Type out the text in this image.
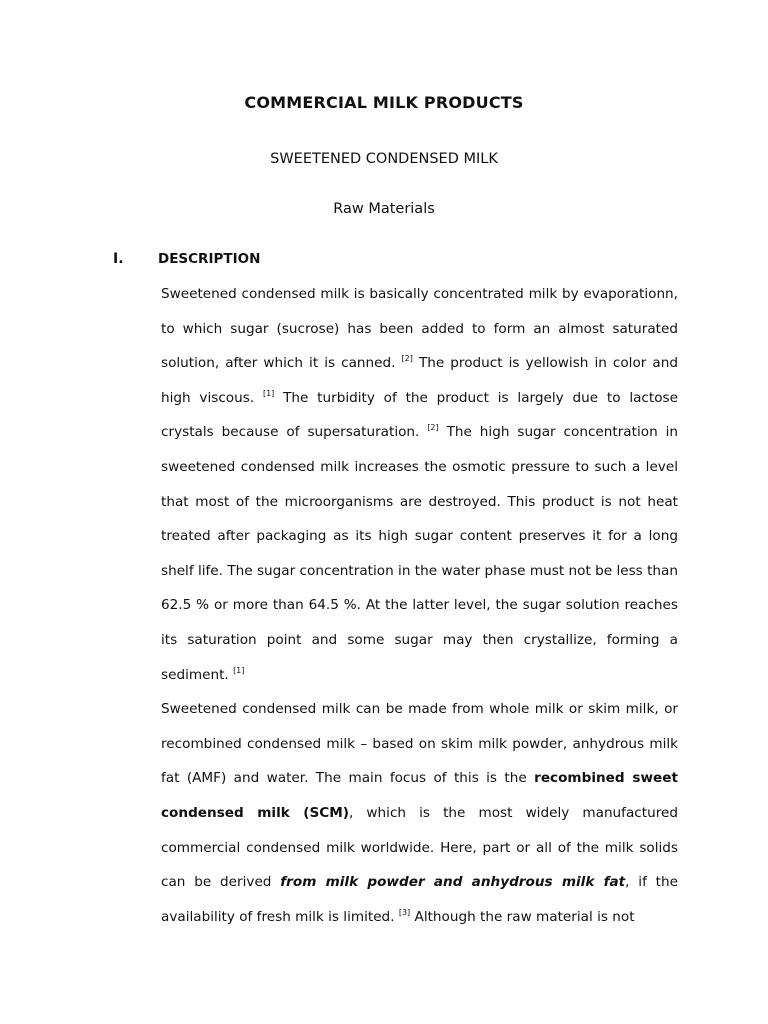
COMMERCIAL MILK PRODUCTS
SWEETENED CONDENSED MILK
Raw Materials
I.	DESCRIPTION

Sweetened condensed milk is basically concentrated milk by evaporationn, to which sugar (sucrose) has been added to form an almost saturated solution, after which it is canned. [2] The product is yellowish in color and high viscous. [1] The turbidity of the product is largely due to lactose crystals because of supersaturation. [2] The high sugar concentration in sweetened condensed milk increases the osmotic pressure to such a level that most of the microorganisms are destroyed. This product is not heat treated after packaging as its high sugar content preserves it for a long shelf life. The sugar concentration in the water phase must not be less than 62.5 % or more than 64.5 %. At the latter level, the sugar solution reaches its saturation point and some sugar may then crystallize, forming a sediment. [1]

Sweetened condensed milk can be made from whole milk or skim milk, or recombined condensed milk – based on skim milk powder, anhydrous milk fat (AMF) and water. The main focus of this is the recombined sweet condensed milk (SCM), which is the most widely manufactured commercial condensed milk worldwide. Here, part or all of the milk solids can be derived from milk powder and anhydrous milk fat, if the availability of fresh milk is limited. [3] Although the raw material is not
